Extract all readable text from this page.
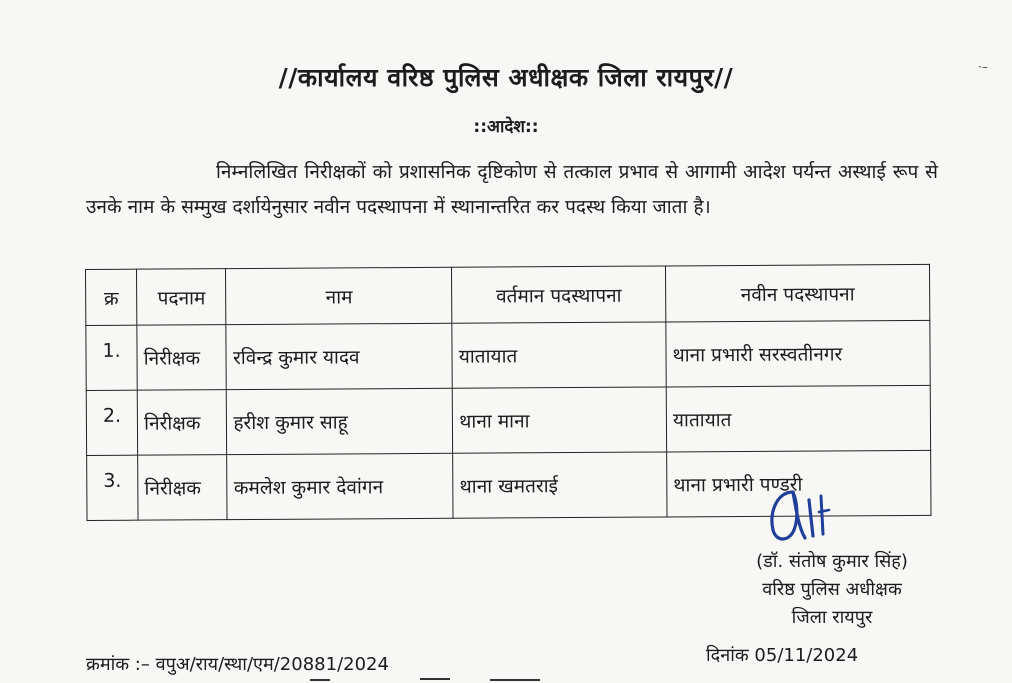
·–
//कार्यालय वरिष्ठ पुलिस अधीक्षक जिला रायपुर//
::आदेश::
निम्नलिखित निरीक्षकों को प्रशासनिक दृष्टिकोण से तत्काल प्रभाव से आगामी आदेश पर्यन्त अस्थाई रूप से उनके नाम के सम्मुख दर्शायेनुसार नवीन पदस्थापना में स्थानान्तरित कर पदस्थ किया जाता है।
क्र	पदनाम	नाम	वर्तमान पदस्थापना	नवीन पदस्थापना
1.	निरीक्षक	रविन्द्र कुमार यादव	यातायात	थाना प्रभारी सरस्वतीनगर
2.	निरीक्षक	हरीश कुमार साहू	थाना माना	यातायात
3.	निरीक्षक	कमलेश कुमार देवांगन	थाना खमतराई	थाना प्रभारी पण्डरी
(डॉ. संतोष कुमार सिंह)
वरिष्ठ पुलिस अधीक्षक
जिला रायपुर
दिनांक 05/11/2024
क्रमांक :– वपुअ/राय/स्था/एम/20881/2024
